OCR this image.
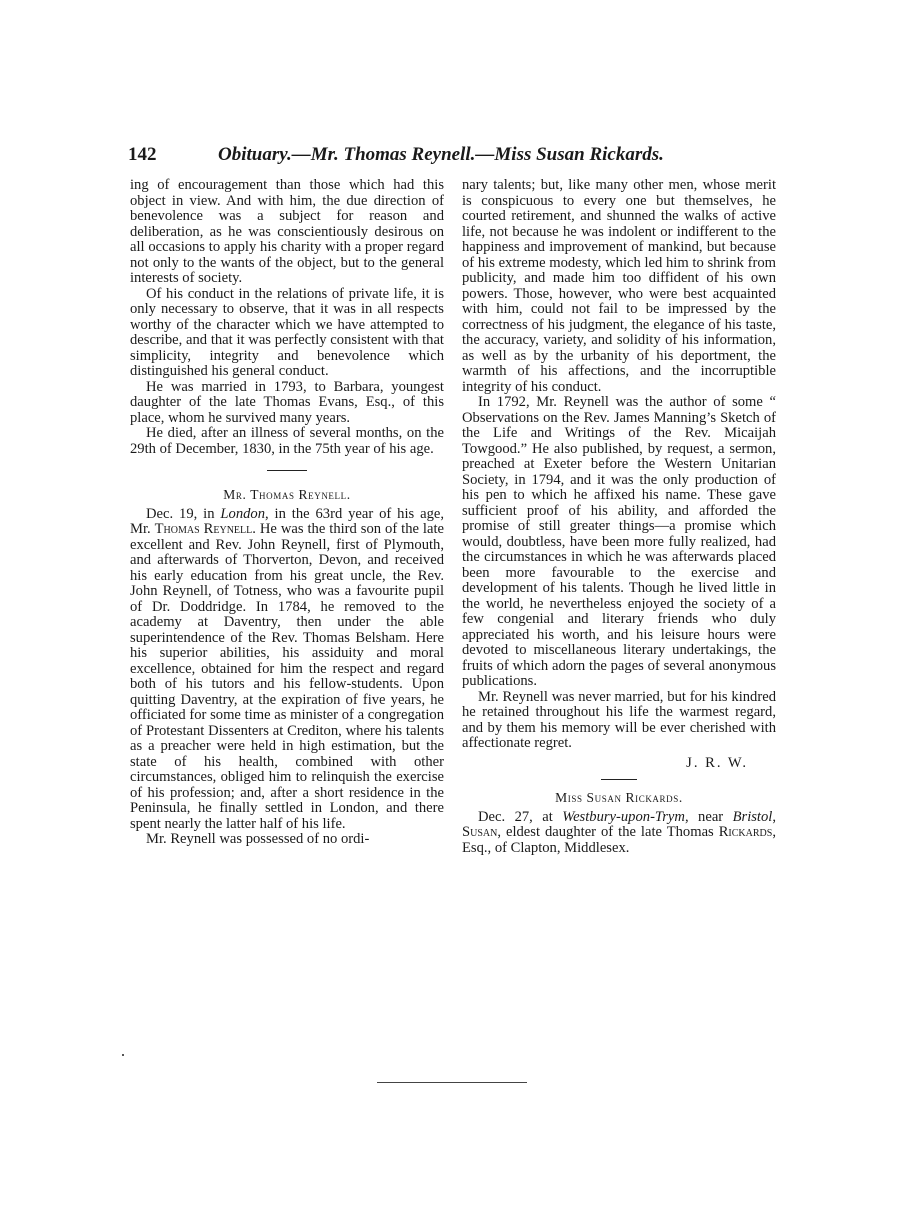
142	Obituary.—Mr. Thomas Reynell.—Miss Susan Rickards.

ing of encouragement than those which had this object in view. And with him, the due direction of benevolence was a subject for reason and deliberation, as he was conscientiously desirous on all occasions to apply his charity with a proper regard not only to the wants of the object, but to the general interests of society.

Of his conduct in the relations of private life, it is only necessary to observe, that it was in all respects worthy of the character which we have attempted to describe, and that it was perfectly consistent with that simplicity, integrity and benevolence which distinguished his general conduct.

He was married in 1793, to Barbara, youngest daughter of the late Thomas Evans, Esq., of this place, whom he survived many years.

He died, after an illness of several months, on the 29th of December, 1830, in the 75th year of his age.

Mr. Thomas Reynell.

Dec. 19, in London, in the 63rd year of his age, Mr. Thomas Reynell. He was the third son of the late excellent and Rev. John Reynell, first of Plymouth, and afterwards of Thorverton, Devon, and received his early education from his great uncle, the Rev. John Reynell, of Totness, who was a favourite pupil of Dr. Doddridge. In 1784, he removed to the academy at Daventry, then under the able superintendence of the Rev. Thomas Belsham. Here his superior abilities, his assiduity and moral excellence, obtained for him the respect and regard both of his tutors and his fellow-students. Upon quitting Daventry, at the expiration of five years, he officiated for some time as minister of a congregation of Protestant Dissenters at Crediton, where his talents as a preacher were held in high estimation, but the state of his health, combined with other circumstances, obliged him to relinquish the exercise of his profession; and, after a short residence in the Peninsula, he finally settled in London, and there spent nearly the latter half of his life.

Mr. Reynell was possessed of no ordi-

nary talents; but, like many other men, whose merit is conspicuous to every one but themselves, he courted retirement, and shunned the walks of active life, not because he was indolent or indifferent to the happiness and improvement of mankind, but because of his extreme modesty, which led him to shrink from publicity, and made him too diffident of his own powers. Those, however, who were best acquainted with him, could not fail to be impressed by the correctness of his judgment, the elegance of his taste, the accuracy, variety, and solidity of his information, as well as by the urbanity of his deportment, the warmth of his affections, and the incorruptible integrity of his conduct.

In 1792, Mr. Reynell was the author of some “ Observations on the Rev. James Manning’s Sketch of the Life and Writings of the Rev. Micaijah Towgood.” He also published, by request, a sermon, preached at Exeter before the Western Unitarian Society, in 1794, and it was the only production of his pen to which he affixed his name. These gave sufficient proof of his ability, and afforded the promise of still greater things—a promise which would, doubtless, have been more fully realized, had the circumstances in which he was afterwards placed been more favourable to the exercise and development of his talents. Though he lived little in the world, he nevertheless enjoyed the society of a few congenial and literary friends who duly appreciated his worth, and his leisure hours were devoted to miscellaneous literary undertakings, the fruits of which adorn the pages of several anonymous publications.

Mr. Reynell was never married, but for his kindred he retained throughout his life the warmest regard, and by them his memory will be ever cherished with affectionate regret.

J. R. W.
Miss Susan Rickards.

Dec. 27, at Westbury-upon-Trym, near Bristol, Susan, eldest daughter of the late Thomas Rickards, Esq., of Clapton, Middlesex.
